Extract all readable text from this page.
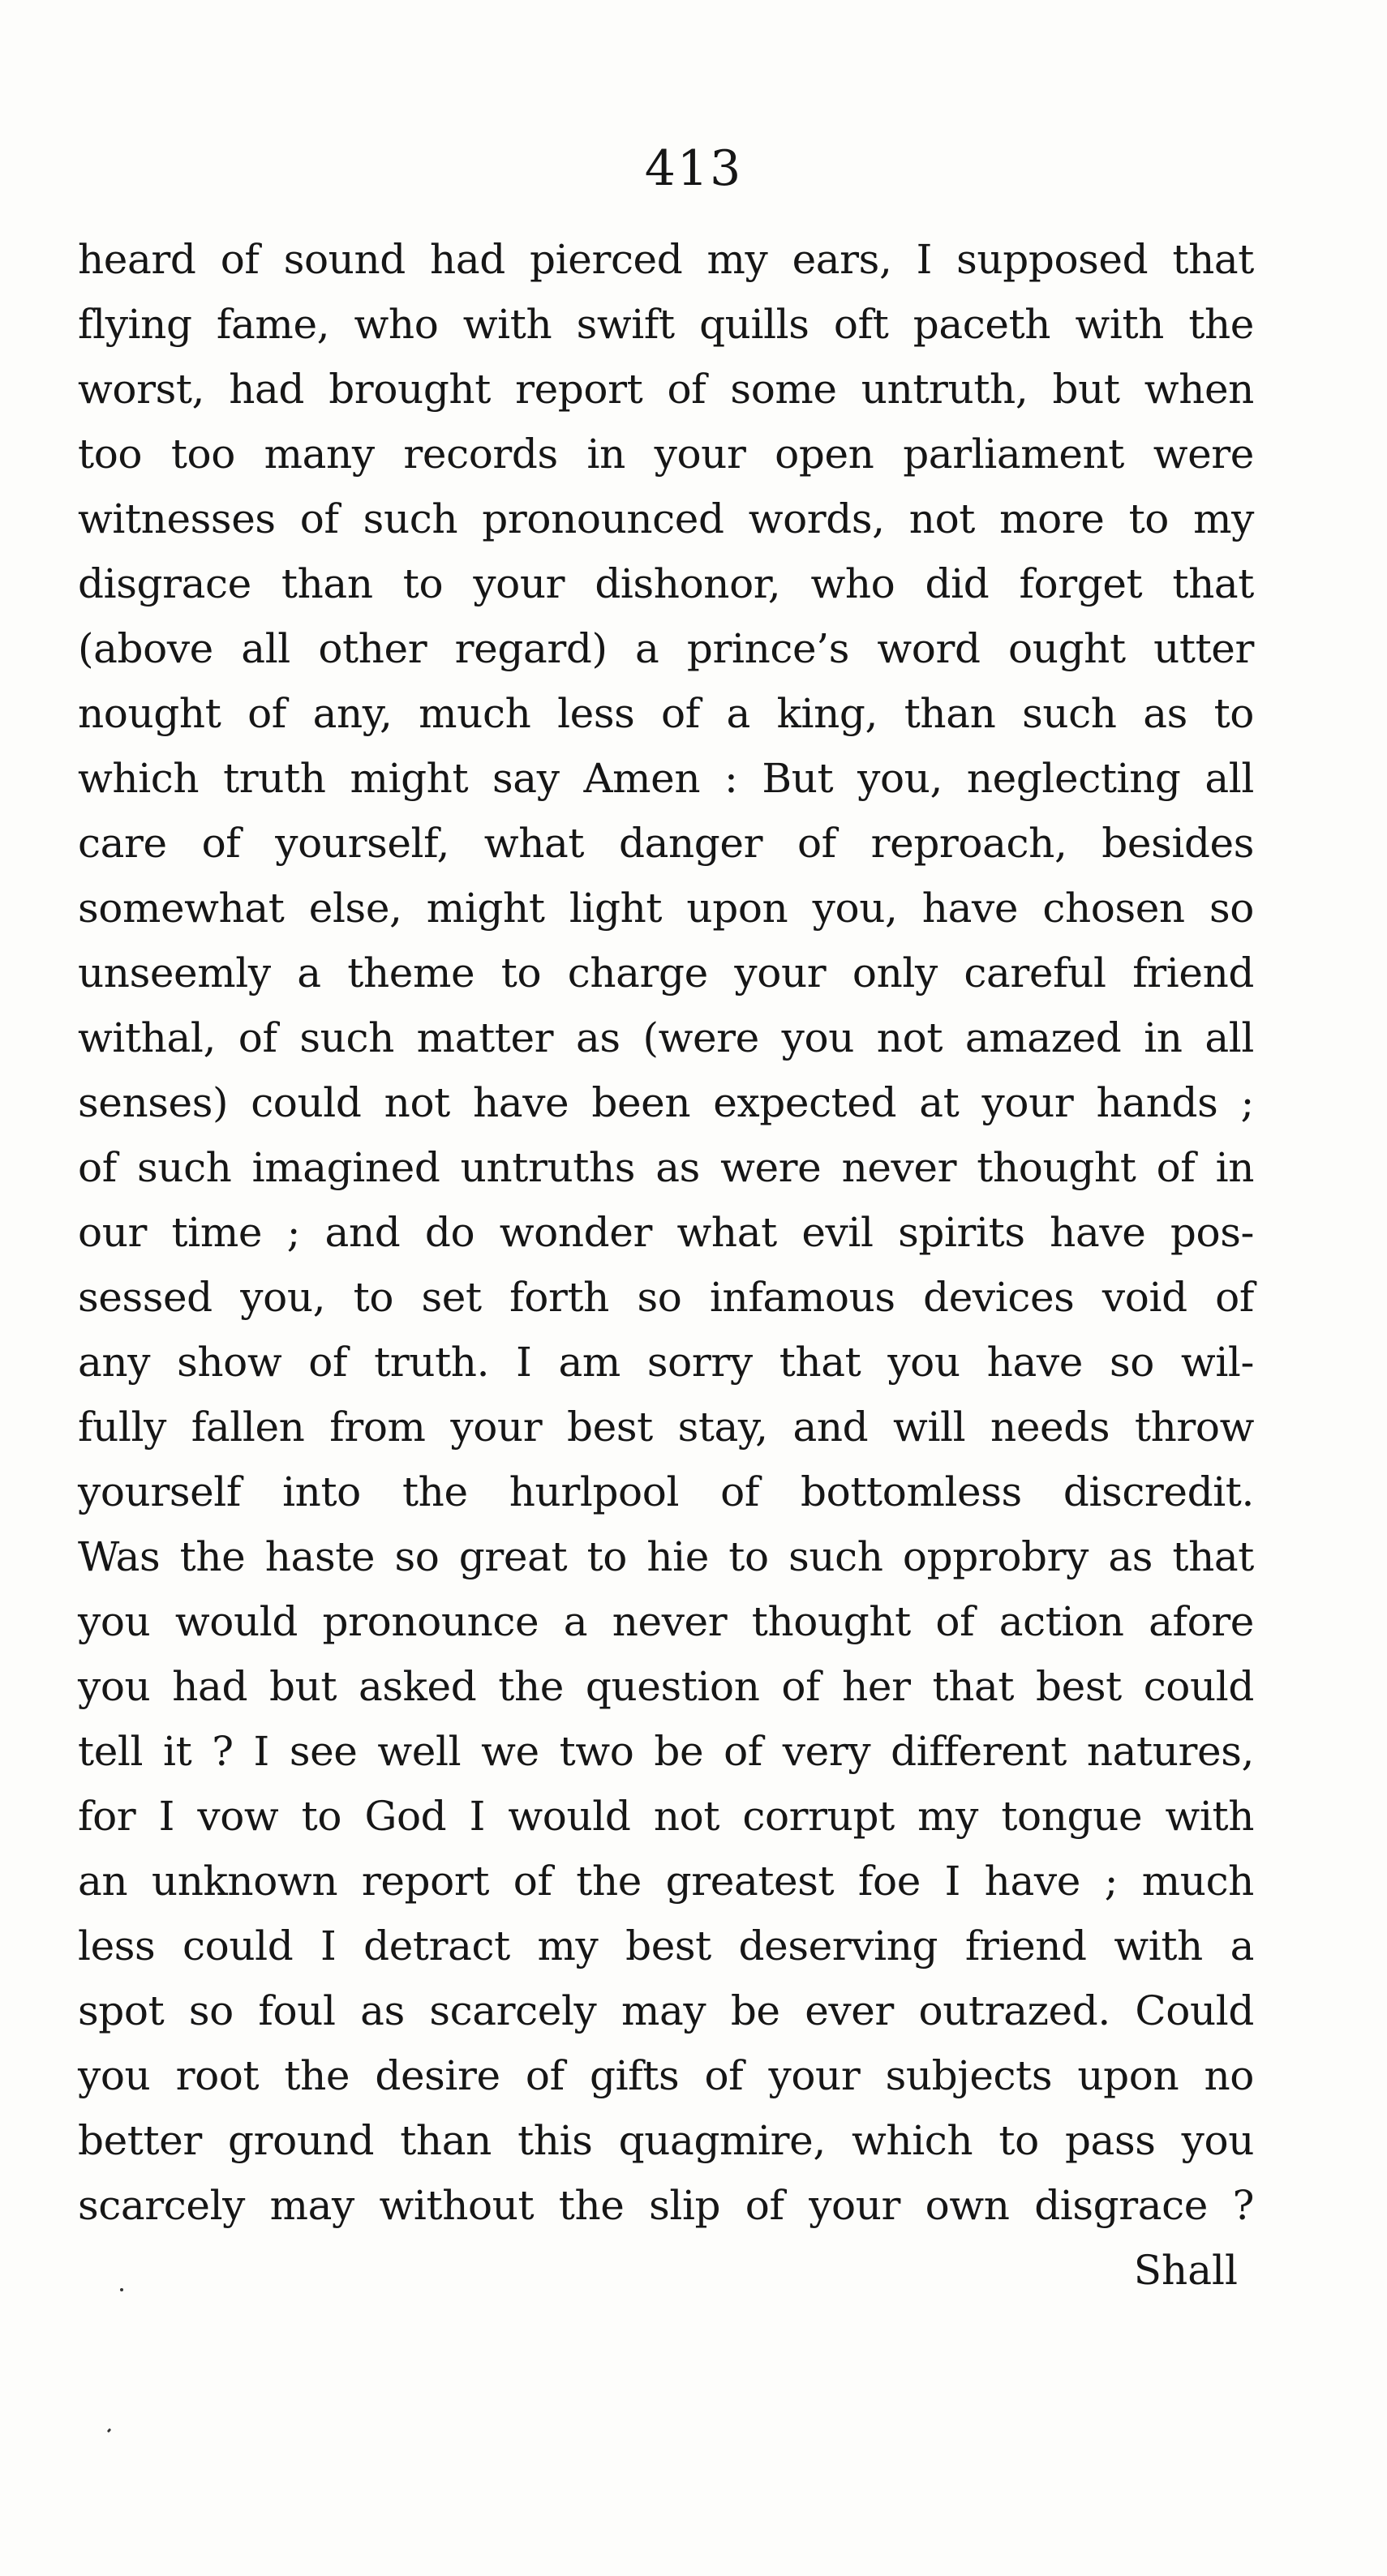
413
heard of sound had pierced my ears, I supposed that
flying fame, who with swift quills oft paceth with the
worst, had brought report of some untruth, but when
too too many records in your open parliament were
witnesses of such pronounced words, not more to my
disgrace than to your dishonor, who did forget that
(above all other regard) a prince’s word ought utter
nought of any, much less of a king, than such as to
which truth might say Amen : But you, neglecting all
care of yourself, what danger of reproach, besides
somewhat else, might light upon you, have chosen so
unseemly a theme to charge your only careful friend
withal, of such matter as (were you not amazed in all
senses) could not have been expected at your hands ;
of such imagined untruths as were never thought of in
our time ; and do wonder what evil spirits have pos-
sessed you, to set forth so infamous devices void of
any show of truth. I am sorry that you have so wil-
fully fallen from your best stay, and will needs throw
yourself into the hurlpool of bottomless discredit.
Was the haste so great to hie to such opprobry as that
you would pronounce a never thought of action afore
you had but asked the question of her that best could
tell it ? I see well we two be of very different natures,
for I vow to God I would not corrupt my tongue with
an unknown report of the greatest foe I have ; much
less could I detract my best deserving friend with a
spot so foul as scarcely may be ever outrazed. Could
you root the desire of gifts of your subjects upon no
better ground than this quagmire, which to pass you
scarcely may without the slip of your own disgrace ?
Shall
